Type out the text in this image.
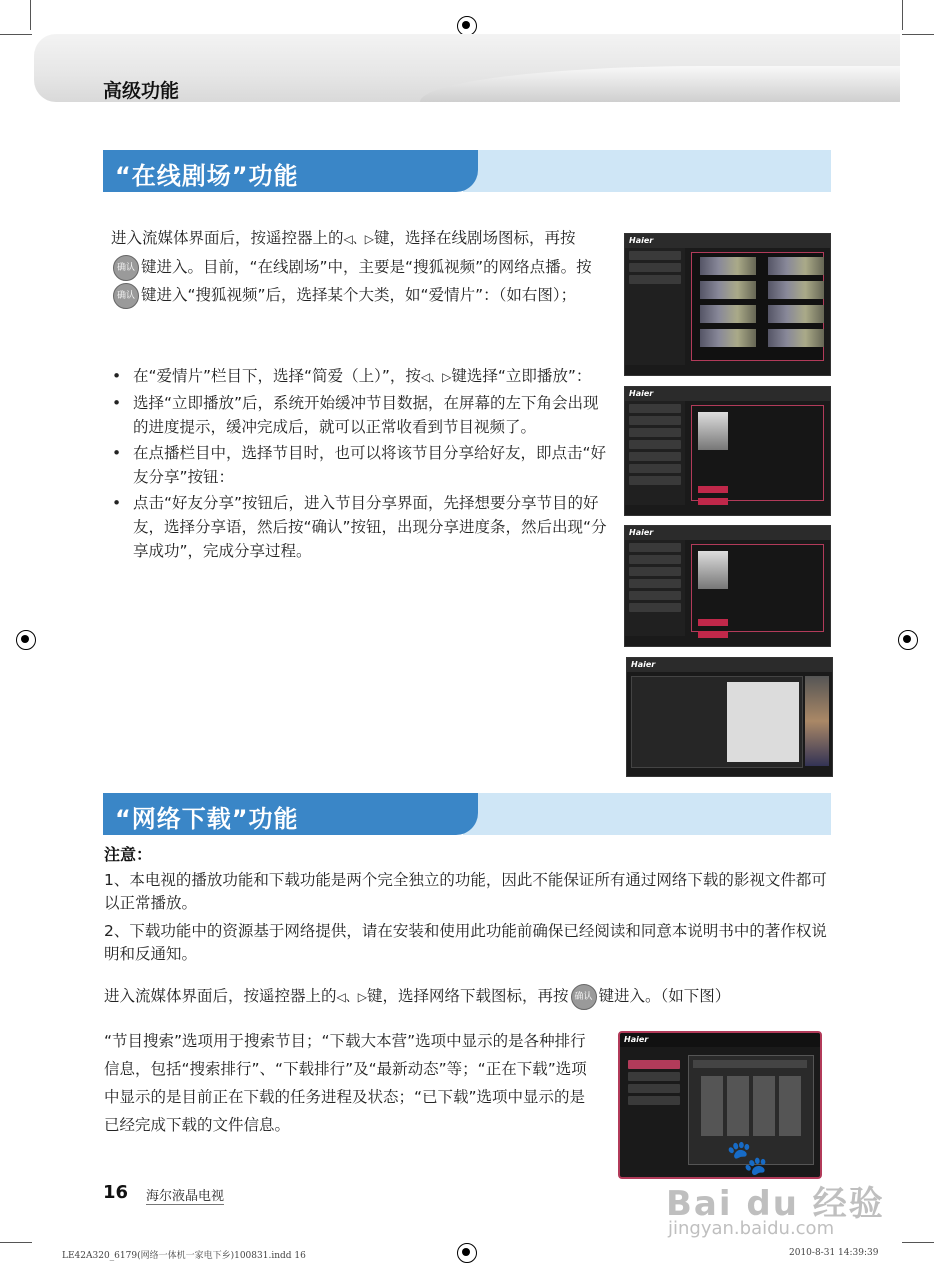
高级功能
“在线剧场”功能
进入流媒体界面后，按遥控器上的◁、▷键，选择在线剧场图标，再按确认 键进入。目前，“在线剧场”中，主要是“搜狐视频”的网络点播。按确认 键进入“搜狐视频”后，选择某个大类，如“爱情片”：（如右图）；
• 在“爱情片”栏目下，选择“简爱（上）”，按◁、▷键选择“立即播放”：
• 选择“立即播放”后，系统开始缓冲节目数据，在屏幕的左下角会出现 的进度提示，缓冲完成后，就可以正常收看到节目视频了。
• 在点播栏目中，选择节目时，也可以将该节目分享给好友，即点击“好友分享”按钮：
• 点击“好友分享”按钮后，进入节目分享界面，先择想要分享节目的好友，选择分享语，然后按“确认”按钮，出现分享进度条，然后出现“分享成功”，完成分享过程。
Haier
Haier
Haier
Haier
“网络下载”功能
注意：
1、本电视的播放功能和下载功能是两个完全独立的功能，因此不能保证所有通过网络下载的影视文件都可以正常播放。
2、下载功能中的资源基于网络提供，请在安装和使用此功能前确保已经阅读和同意本说明书中的著作权说明和反通知。
进入流媒体界面后，按遥控器上的◁、▷键，选择网络下载图标，再按 确认 键进入。（如下图）
“节目搜索”选项用于搜索节目；“下载大本营”选项中显示的是各种排行信息，包括“搜索排行”、“下载排行”及“最新动态”等；“正在下载”选项中显示的是目前正在下载的任务进程及状态；“已下载”选项中显示的是已经完成下载的文件信息。
Haier
16 海尔液晶电视
LE42A320_6179(网络一体机一家电下乡)100831.indd 16	2010-8-31 14:39:39
🐾
Bai du 经验
jingyan.baidu.com
